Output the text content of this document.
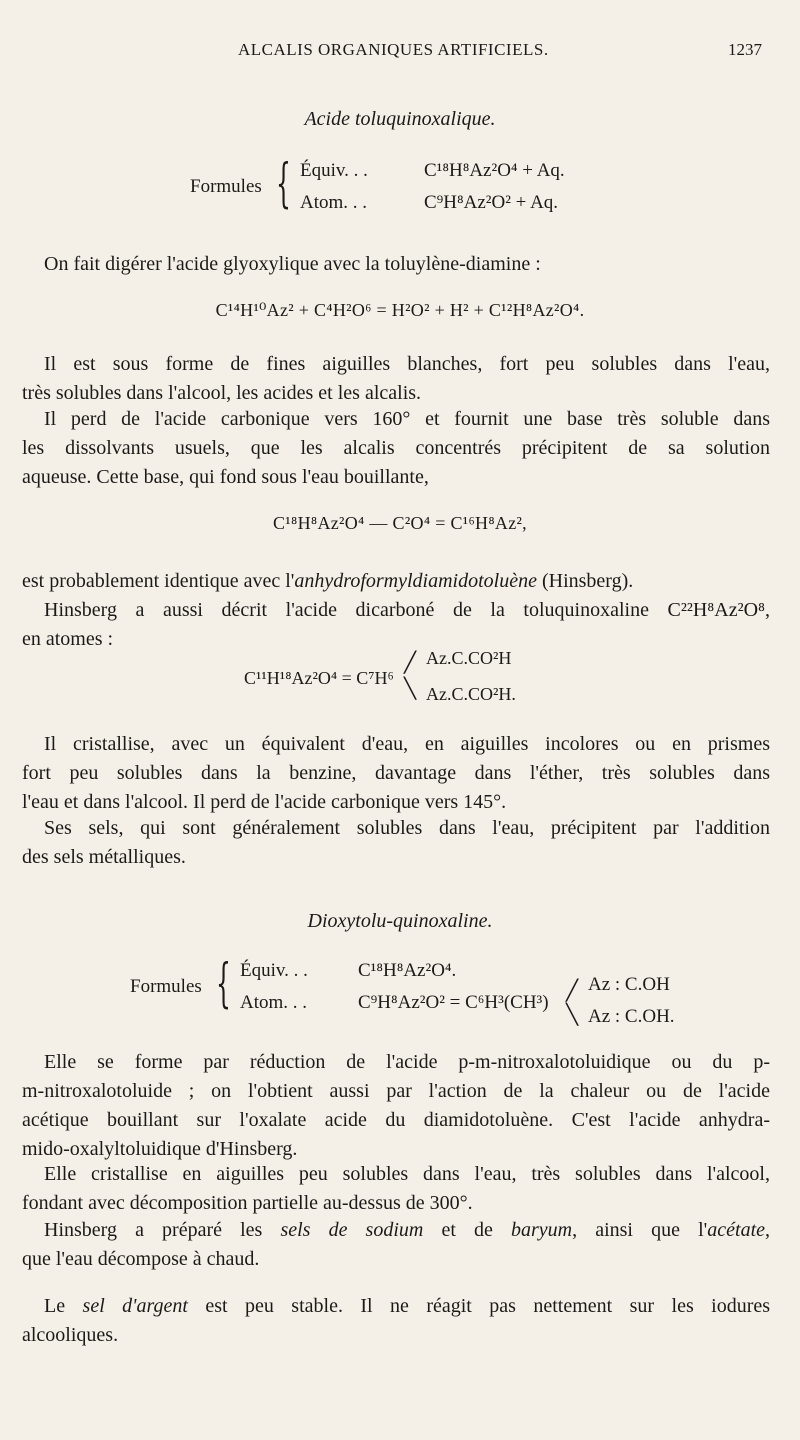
ALCALIS ORGANIQUES ARTIFICIELS.	1237
Acide toluquinoxalique.
Formules { Équiv. . .	C¹⁸H⁸Az²O⁴ + Aq.
Atom. . .	C⁹H⁸Az²O² + Aq.
On fait digérer l'acide glyoxylique avec la toluylène-diamine :
C¹⁴H¹⁰Az² + C⁴H²O⁶ = H²O² + H² + C¹²H⁸Az²O⁴.
Il est sous forme de fines aiguilles blanches, fort peu solubles dans l'eau,
très solubles dans l'alcool, les acides et les alcalis.
Il perd de l'acide carbonique vers 160° et fournit une base très soluble dans
les dissolvants usuels, que les alcalis concentrés précipitent de sa solution
aqueuse. Cette base, qui fond sous l'eau bouillante,
C¹⁸H⁸Az²O⁴ — C²O⁴ = C¹⁶H⁸Az²,
est probablement identique avec l'anhydroformyldiamidotoluène (Hinsberg).
Hinsberg a aussi décrit l'acide dicarboné de la toluquinoxaline C²²H⁸Az²O⁸,
en atomes :
C¹¹H¹⁸Az²O⁴ = C⁷H⁶
╱
╲
Az.C.CO²H
Az.C.CO²H.
Il cristallise, avec un équivalent d'eau, en aiguilles incolores ou en prismes
fort peu solubles dans la benzine, davantage dans l'éther, très solubles dans
l'eau et dans l'alcool. Il perd de l'acide carbonique vers 145°.
Ses sels, qui sont généralement solubles dans l'eau, précipitent par l'addition
des sels métalliques.
Dioxytolu-quinoxaline.
Formules { Équiv. . .	C¹⁸H⁸Az²O⁴.
Atom. . .	C⁹H⁸Az²O² = C⁶H³(CH³)
╱
╲
Az : C.OH
Az : C.OH.
Elle se forme par réduction de l'acide p-m-nitroxalotoluidique ou du p-
m-nitroxalotoluide ; on l'obtient aussi par l'action de la chaleur ou de l'acide
acétique bouillant sur l'oxalate acide du diamidotoluène. C'est l'acide anhydra-
mido-oxalyltoluidique d'Hinsberg.
Elle cristallise en aiguilles peu solubles dans l'eau, très solubles dans l'alcool,
fondant avec décomposition partielle au-dessus de 300°.
Hinsberg a préparé les sels de sodium et de baryum, ainsi que l'acétate,
que l'eau décompose à chaud.
Le sel d'argent est peu stable. Il ne réagit pas nettement sur les iodures
alcooliques.
